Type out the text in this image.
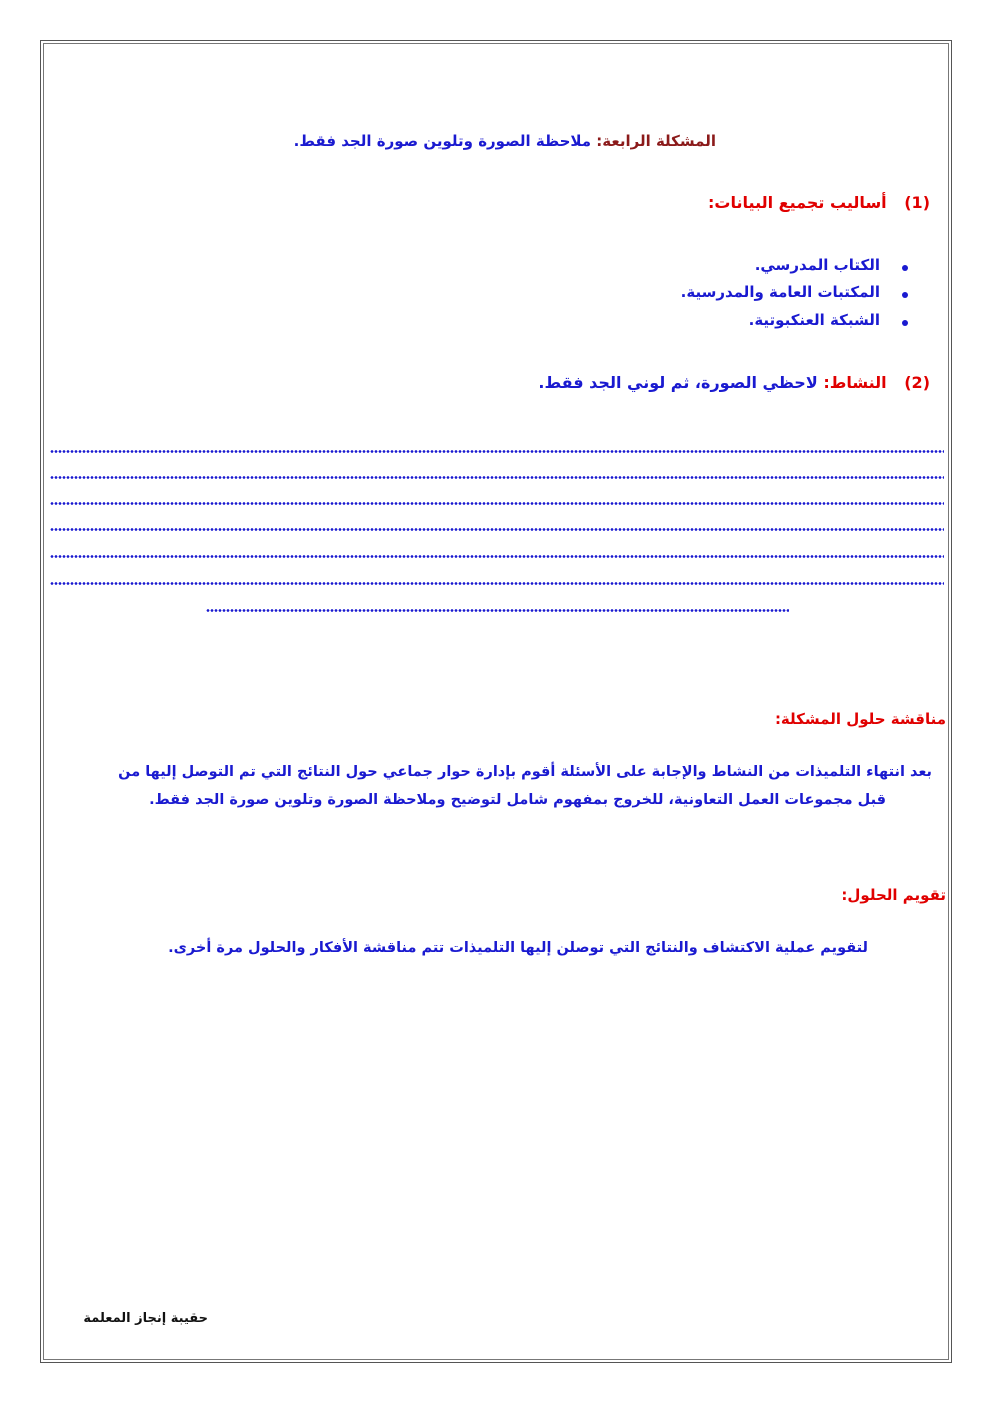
المشكلة الرابعة: ملاحظة الصورة وتلوين صورة الجد فقط.
(1) أساليب تجميع البيانات:
الكتاب المدرسي.
المكتبات العامة والمدرسية.
الشبكة العنكبوتية.
(2) النشاط: لاحظي الصورة، ثم لوني الجد فقط.
مناقشة حلول المشكلة:
بعد انتهاء التلميذات من النشاط والإجابة على الأسئلة أقوم بإدارة حوار جماعي حول النتائج التي تم التوصل إليها من
قبل مجموعات العمل التعاونية، للخروج بمفهوم شامل لتوضيح وملاحظة الصورة وتلوين صورة الجد فقط.
تقويم الحلول:
لتقويم عملية الاكتشاف والنتائج التي توصلن إليها التلميذات تتم مناقشة الأفكار والحلول مرة أخرى.
حقيبة إنجاز المعلمة
